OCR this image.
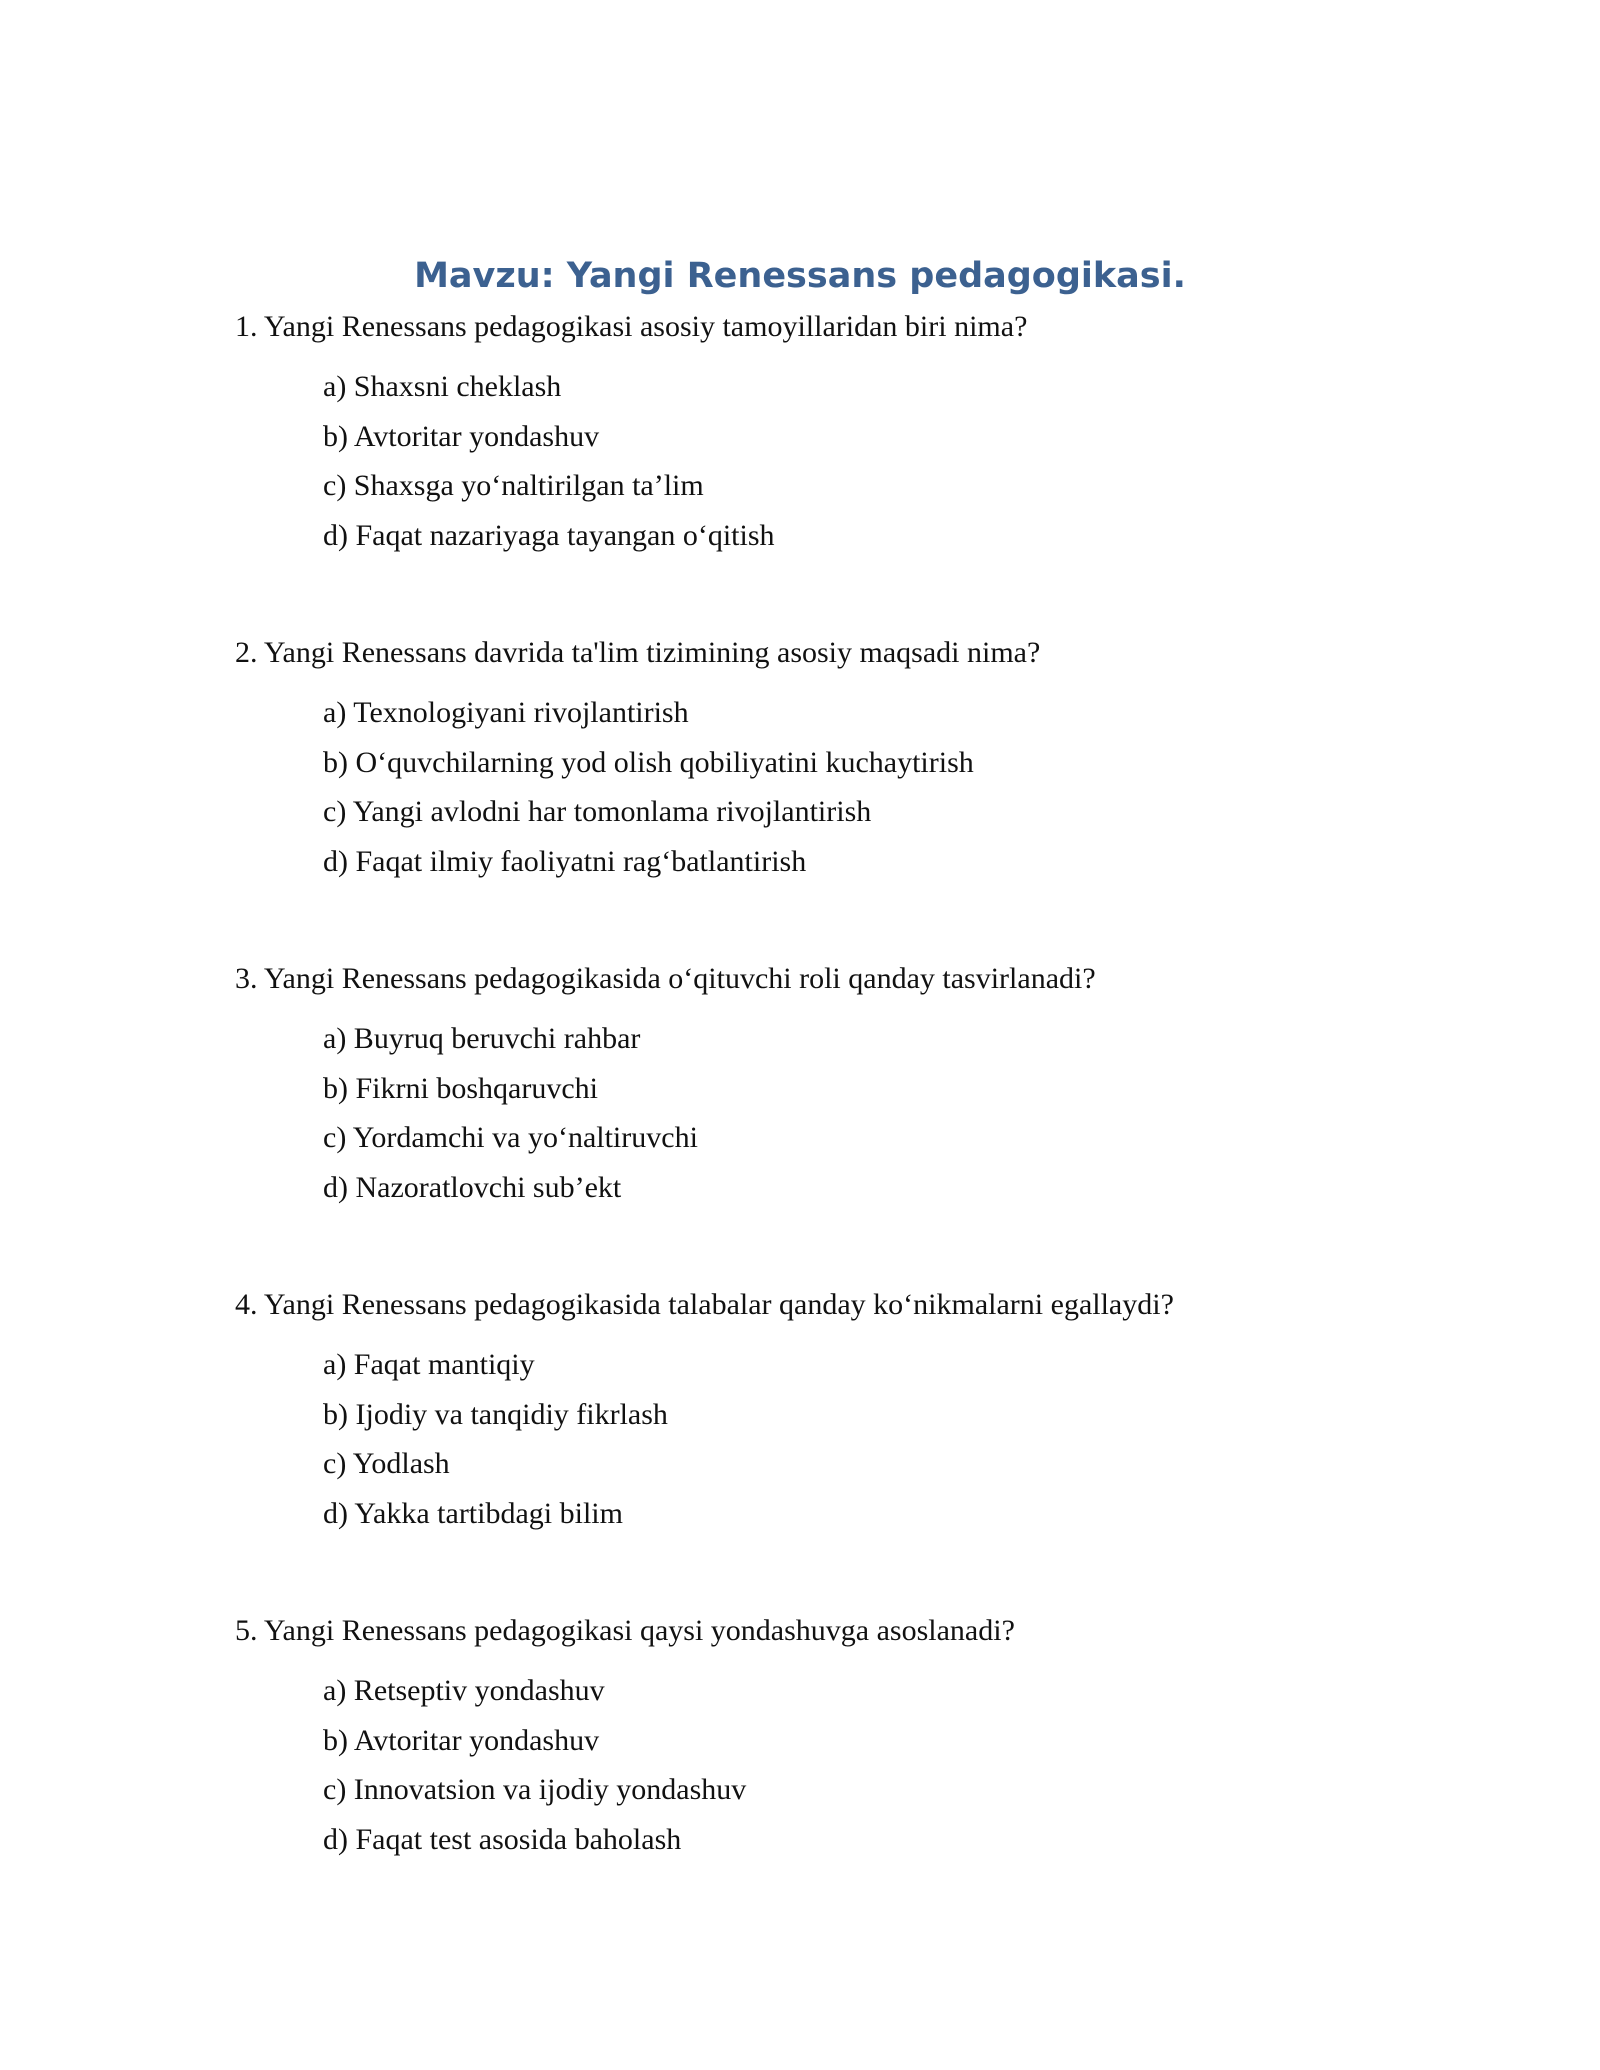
Mavzu: Yangi Renessans pedagogikasi.

1. Yangi Renessans pedagogikasi asosiy tamoyillaridan biri nima?

a) Shaxsni cheklash
b) Avtoritar yondashuv
c) Shaxsga yo‘naltirilgan ta’lim
d) Faqat nazariyaga tayangan o‘qitish

2. Yangi Renessans davrida ta'lim tizimining asosiy maqsadi nima?

a) Texnologiyani rivojlantirish
b) O‘quvchilarning yod olish qobiliyatini kuchaytirish
c) Yangi avlodni har tomonlama rivojlantirish
d) Faqat ilmiy faoliyatni rag‘batlantirish

3. Yangi Renessans pedagogikasida o‘qituvchi roli qanday tasvirlanadi?

a) Buyruq beruvchi rahbar
b) Fikrni boshqaruvchi
c) Yordamchi va yo‘naltiruvchi
d) Nazoratlovchi sub’ekt

4. Yangi Renessans pedagogikasida talabalar qanday ko‘nikmalarni egallaydi?

a) Faqat mantiqiy
b) Ijodiy va tanqidiy fikrlash
c) Yodlash
d) Yakka tartibdagi bilim

5. Yangi Renessans pedagogikasi qaysi yondashuvga asoslanadi?

a) Retseptiv yondashuv
b) Avtoritar yondashuv
c) Innovatsion va ijodiy yondashuv
d) Faqat test asosida baholash
